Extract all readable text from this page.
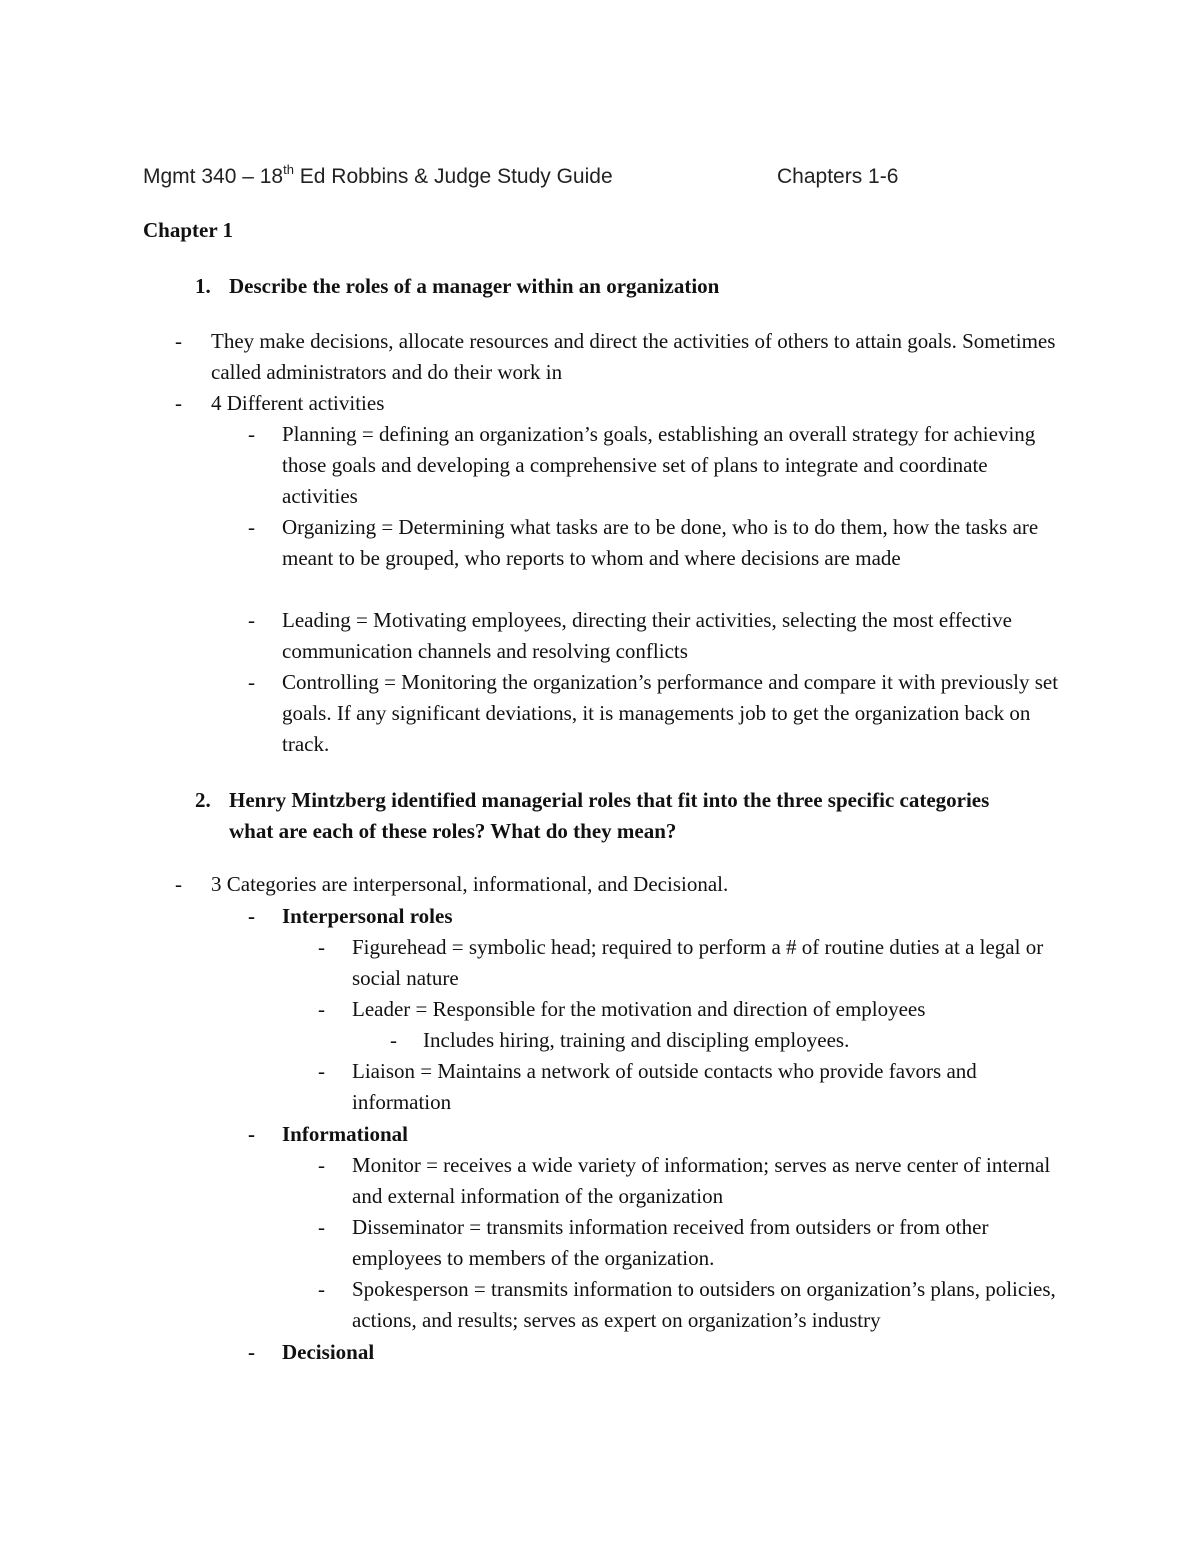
Mgmt 340 – 18th Ed Robbins & Judge Study Guide	Chapters 1-6
Chapter 1
1. Describe the roles of a manager within an organization
- They make decisions, allocate resources and direct the activities of others to attain goals. Sometimes called administrators and do their work in
- 4 Different activities
- Planning = defining an organization’s goals, establishing an overall strategy for achieving those goals and developing a comprehensive set of plans to integrate and coordinate activities
- Organizing = Determining what tasks are to be done, who is to do them, how the tasks are meant to be grouped, who reports to whom and where decisions are made
- Leading = Motivating employees, directing their activities, selecting the most effective communication channels and resolving conflicts
- Controlling = Monitoring the organization’s performance and compare it with previously set goals. If any significant deviations, it is managements job to get the organization back on track.
2. Henry Mintzberg identified managerial roles that fit into the three specific categories what are each of these roles? What do they mean?
- 3 Categories are interpersonal, informational, and Decisional.
- Interpersonal roles
- Figurehead = symbolic head; required to perform a # of routine duties at a legal or social nature
- Leader = Responsible for the motivation and direction of employees
- Includes hiring, training and discipling employees.
- Liaison = Maintains a network of outside contacts who provide favors and information
- Informational
- Monitor = receives a wide variety of information; serves as nerve center of internal and external information of the organization
- Disseminator = transmits information received from outsiders or from other employees to members of the organization.
- Spokesperson = transmits information to outsiders on organization’s plans, policies, actions, and results; serves as expert on organization’s industry
- Decisional
